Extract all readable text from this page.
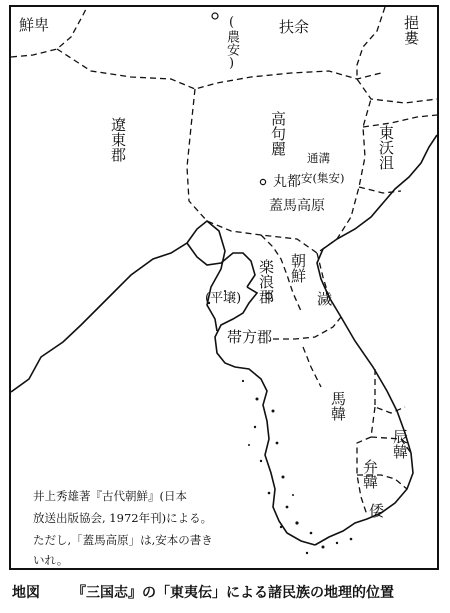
鮮卑	扶余
(農安)	挹婁
遼東郡	高句麗	東沃沮
楽浪郡
(平壌)
帯方郡
朝鮮
濊
馬韓
辰韓
弁韓
倭
丸都
通溝
安(集安)
蓋馬高原
井上秀雄著『古代朝鮮』(日本
放送出版協会, 1972年刊)による。
ただし,「蓋馬高原」は,安本の書き
いれ。
地図 『三国志』の「東夷伝」による諸民族の地理的位置
